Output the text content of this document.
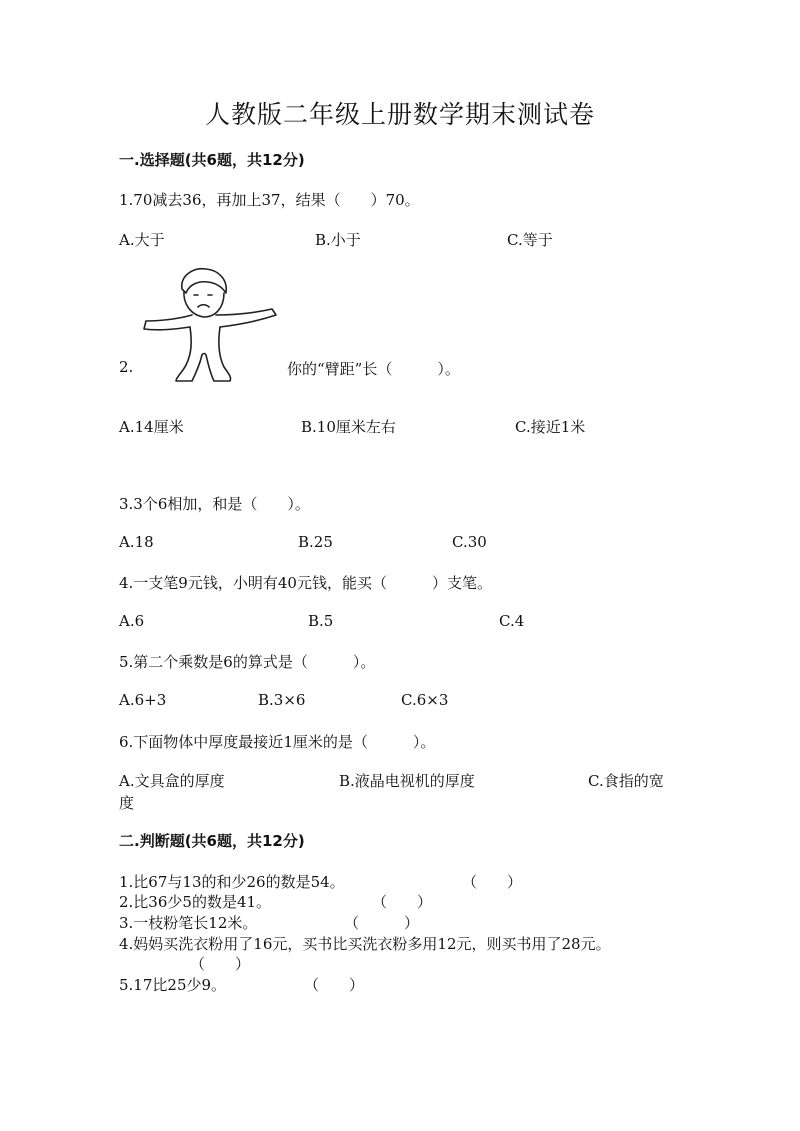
人教版二年级上册数学期末测试卷
一.选择题(共6题，共12分)
1.70减去36，再加上37，结果（　　）70。
A.大于	B.小于	C.等于
2.	你的“臂距”长（　　　）。
A.14厘米	B.10厘米左右	C.接近1米
3.3个6相加，和是（　　）。
A.18	B.25	C.30
4.一支笔9元钱，小明有40元钱，能买（　　　）支笔。
A.6	B.5	C.4
5.第二个乘数是6的算式是（　　　）。
A.6+3	B.3×6	C.6×3
6.下面物体中厚度最接近1厘米的是（　　　）。
A.文具盒的厚度	B.液晶电视机的厚度	C.食指的宽
度
二.判断题(共6题，共12分)
1.比67与13的和少26的数是54。	（　　）
2.比36少5的数是41。	（　　）
3.一枝粉笔长12米。	（　　　）
4.妈妈买洗衣粉用了16元，买书比买洗衣粉多用12元，则买书用了28元。
（　　）
5.17比25少9。	（　　）
